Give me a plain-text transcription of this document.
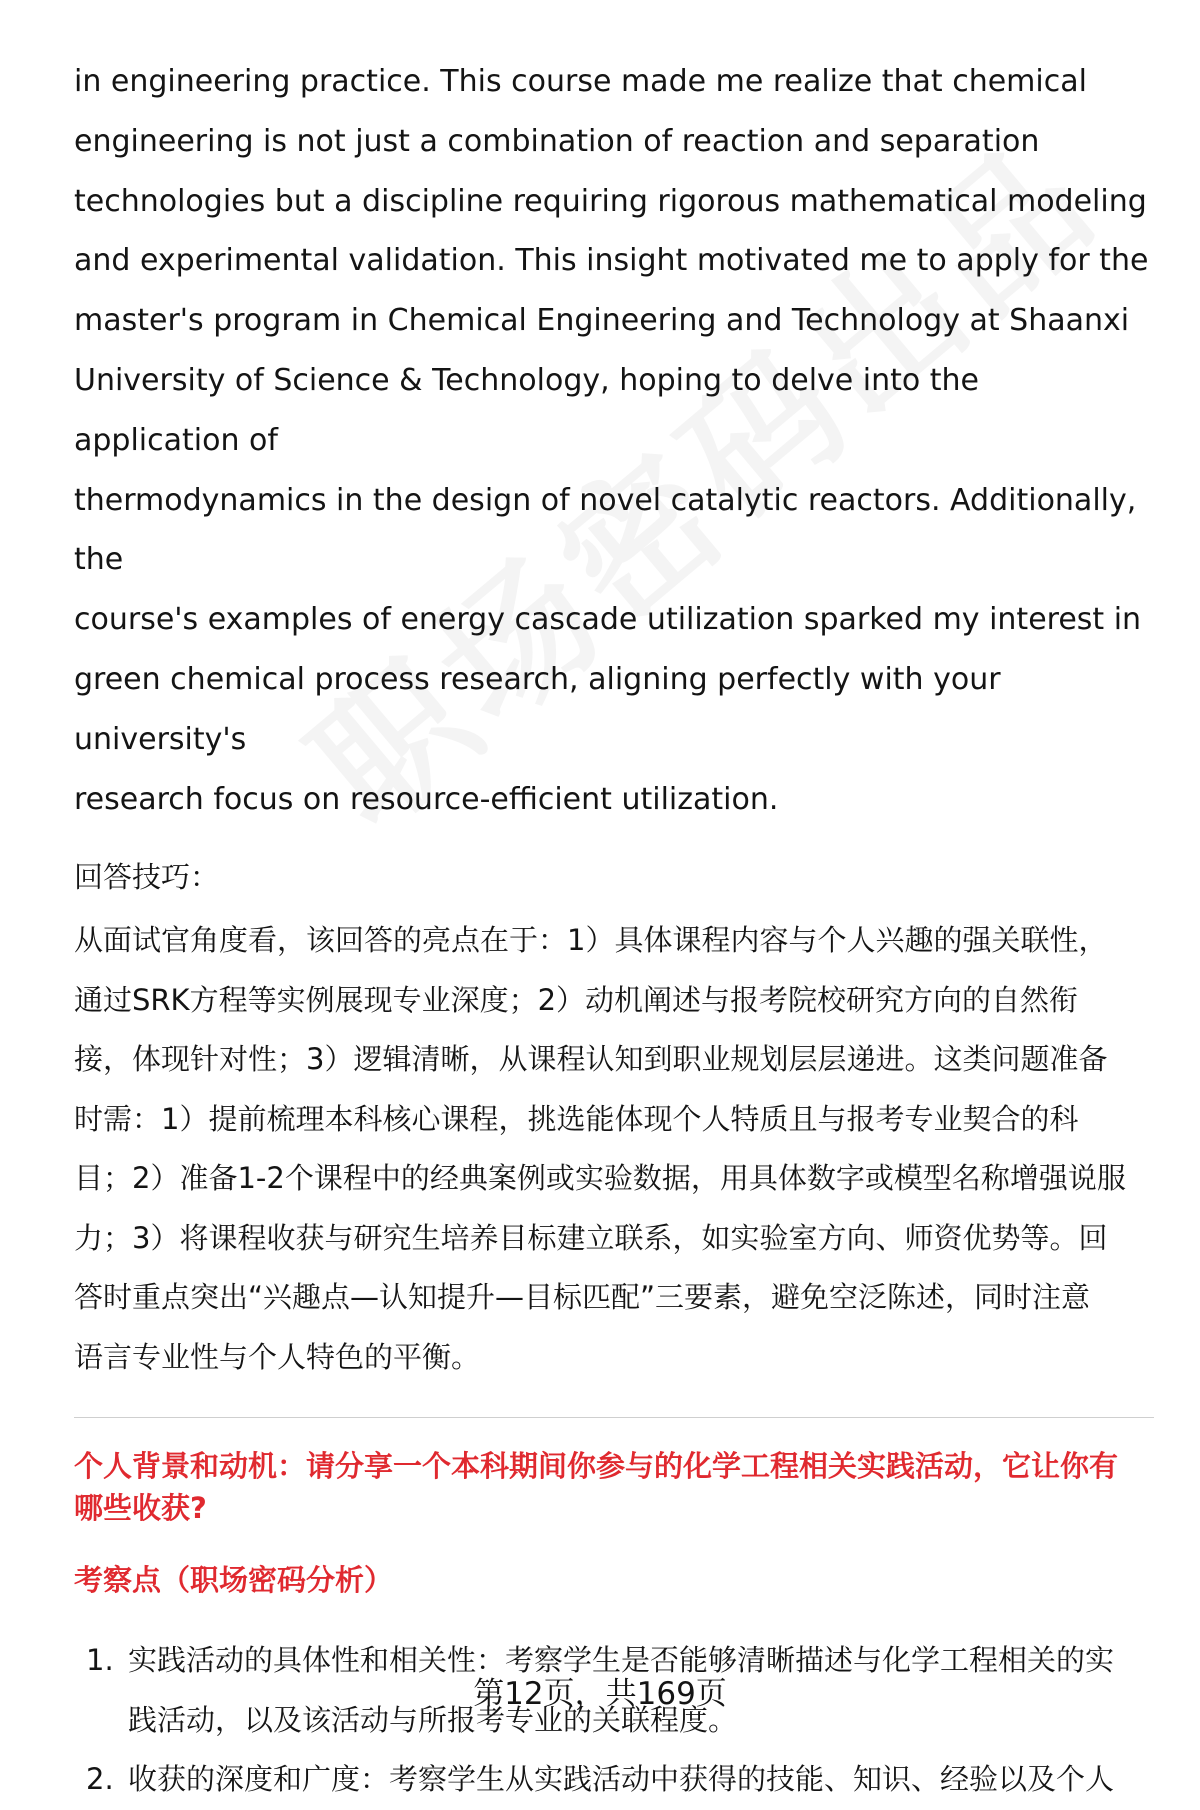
in engineering practice. This course made me realize that chemical
engineering is not just a combination of reaction and separation
technologies but a discipline requiring rigorous mathematical modeling
and experimental validation. This insight motivated me to apply for the
master's program in Chemical Engineering and Technology at Shaanxi
University of Science & Technology, hoping to delve into the application of
thermodynamics in the design of novel catalytic reactors. Additionally, the
course's examples of energy cascade utilization sparked my interest in
green chemical process research, aligning perfectly with your university's
research focus on resource-efficient utilization.
回答技巧：
从面试官角度看，该回答的亮点在于：1）具体课程内容与个人兴趣的强关联性，
通过SRK方程等实例展现专业深度；2）动机阐述与报考院校研究方向的自然衔
接，体现针对性；3）逻辑清晰，从课程认知到职业规划层层递进。这类问题准备
时需：1）提前梳理本科核心课程，挑选能体现个人特质且与报考专业契合的科
目；2）准备1-2个课程中的经典案例或实验数据，用具体数字或模型名称增强说服
力；3）将课程收获与研究生培养目标建立联系，如实验室方向、师资优势等。回
答时重点突出“兴趣点—认知提升—目标匹配”三要素，避免空泛陈述，同时注意
语言专业性与个人特色的平衡。
个人背景和动机：请分享一个本科期间你参与的化学工程相关实践活动，它让你有
哪些收获?
考察点（职场密码分析）
1. 实践活动的具体性和相关性：考察学生是否能够清晰描述与化学工程相关的实
践活动，以及该活动与所报考专业的关联程度。
2. 收获的深度和广度：考察学生从实践活动中获得的技能、知识、经验以及个人
第12页，共169页
